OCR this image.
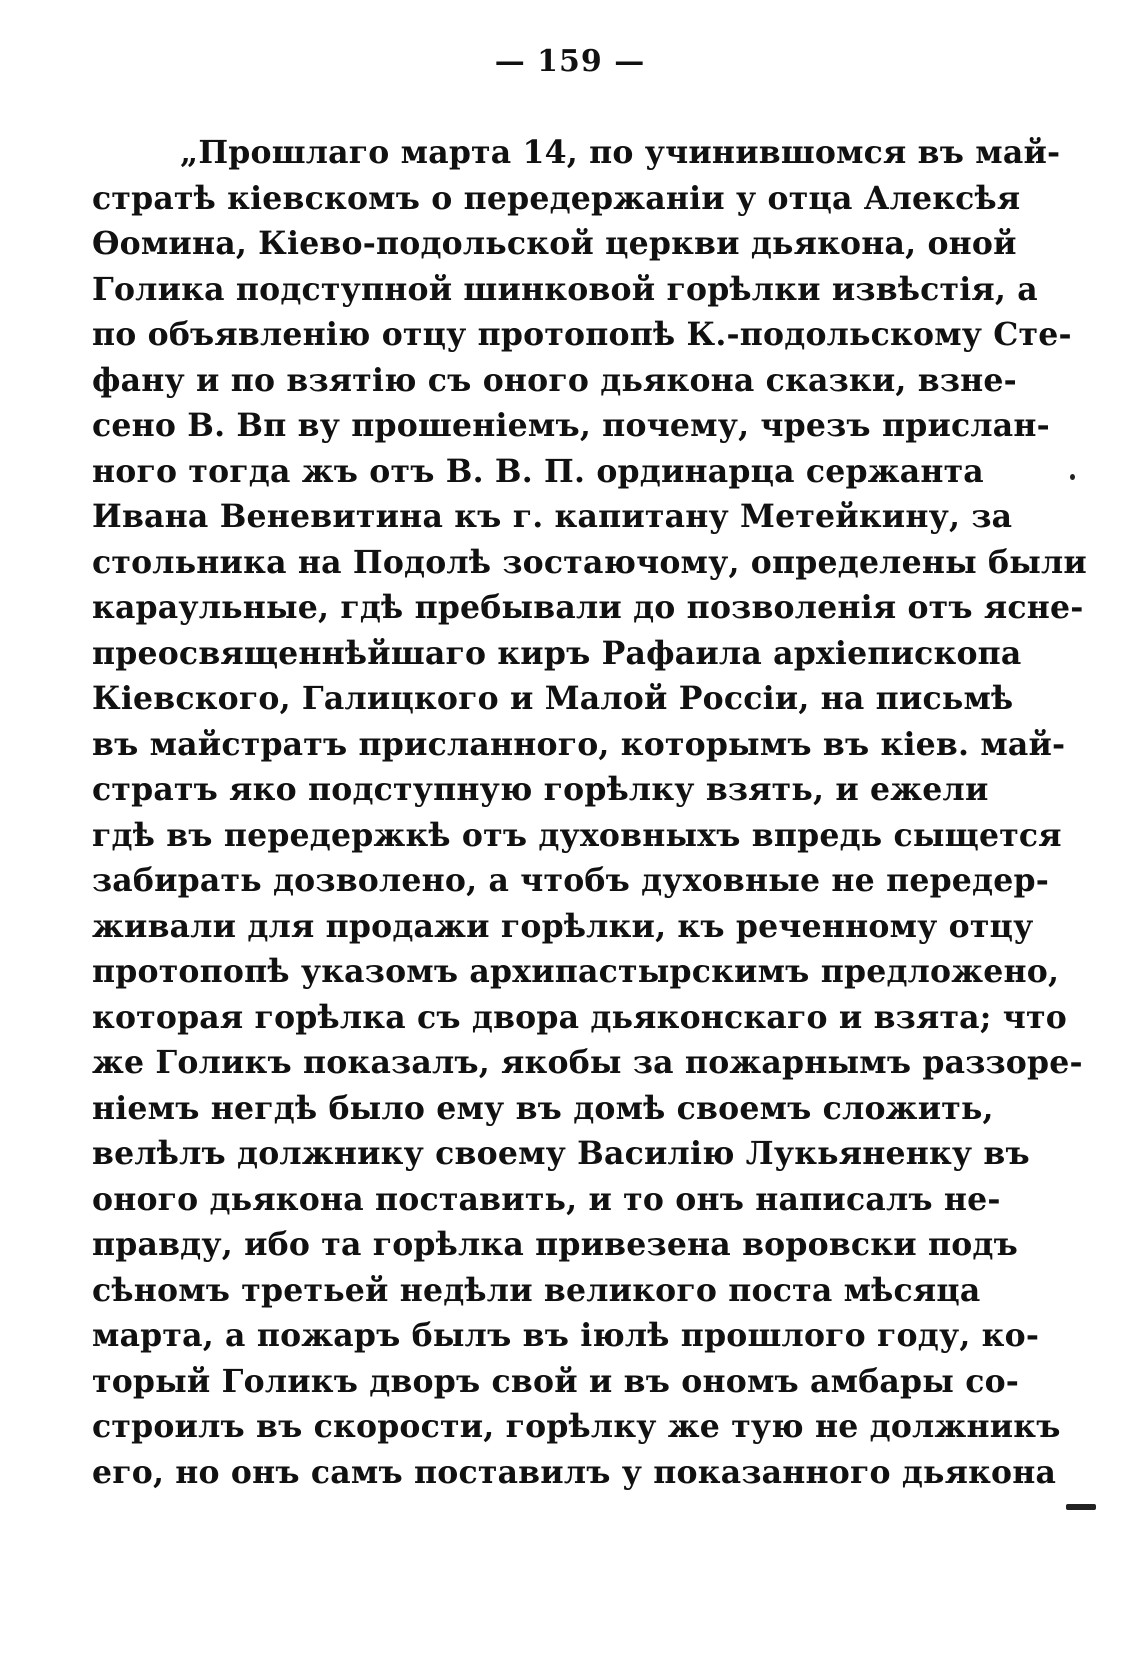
— 159 —
„Прошлаго марта 14, по учинившомся въ май-
стратѣ кіевскомъ о передержаніи у отца Алексѣя
Ѳомина, Кіево-подольской церкви дьякона, оной
Голика подступной шинковой горѣлки извѣстія, а
по объявленію отцу протопопѣ К.-подольскому Сте-
фану и по взятію съ оного дьякона сказки, взне-
сено В. Вп ву прошеніемъ, почему, чрезъ прислан-
ного тогда жъ отъ В. В. П. ординарца сержанта
Ивана Веневитина къ г. капитану Метейкину, за
стольника на Подолѣ зостаючому, определены были
караульные, гдѣ пребывали до позволенія отъ ясне-
преосвященнѣйшаго киръ Рафаила архіепископа
Кіевского, Галицкого и Малой Россіи, на письмѣ
въ майстратъ присланного, которымъ въ кіев. май-
стратъ яко подступную горѣлку взять, и ежели
гдѣ въ передержкѣ отъ духовныхъ впредь сыщется
забирать дозволено, а чтобъ духовные не передер-
живали для продажи горѣлки, къ реченному отцу
протопопѣ указомъ архипастырскимъ предложено,
которая горѣлка съ двора дьяконскаго и взята; что
же Голикъ показалъ, якобы за пожарнымъ раззоре-
ніемъ негдѣ было ему въ домѣ своемъ сложить,
велѣлъ должнику своему Василію Лукьяненку въ
оного дьякона поставить, и то онъ написалъ не-
правду, ибо та горѣлка привезена воровски подъ
сѣномъ третьей недѣли великого поста мѣсяца
марта, а пожаръ былъ въ іюлѣ прошлого году, ко-
торый Голикъ дворъ свой и въ ономъ амбары со-
строилъ въ скорости, горѣлку же тую не должникъ
его, но онъ самъ поставилъ у показанного дьякона
